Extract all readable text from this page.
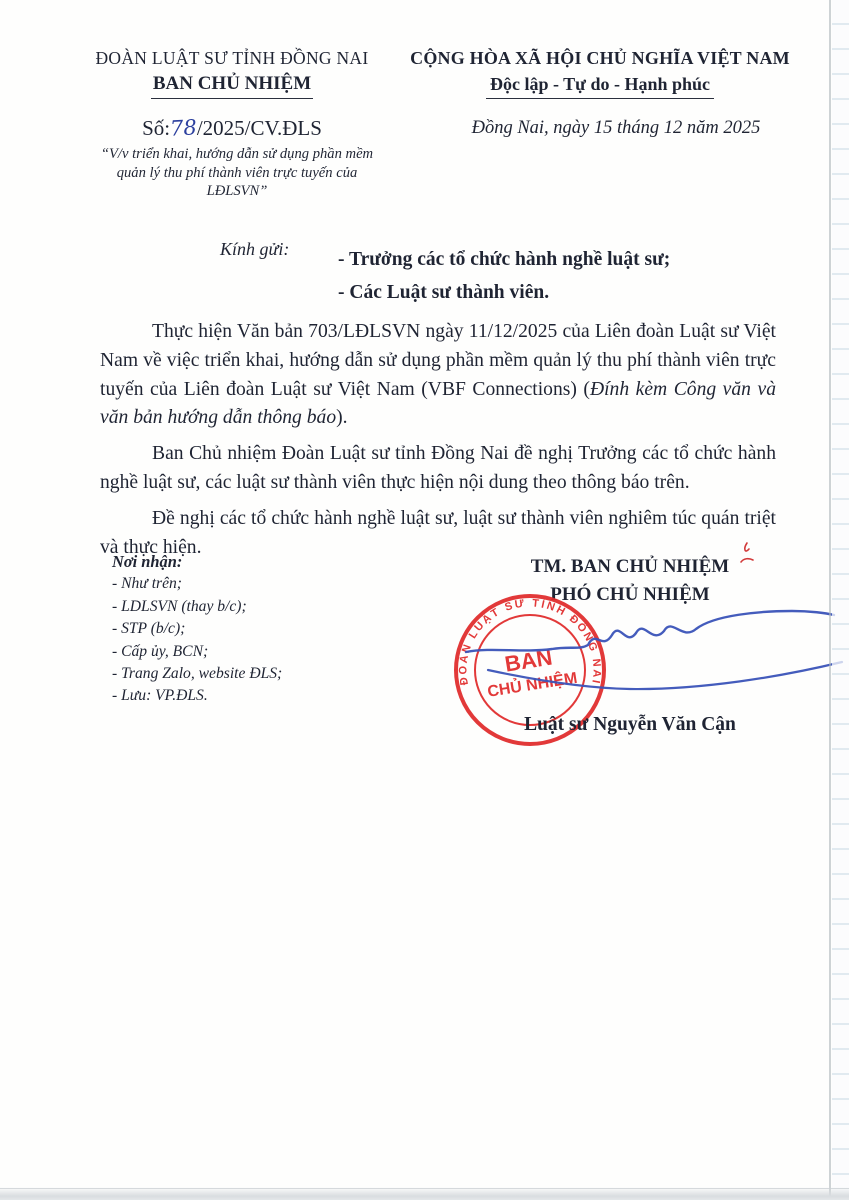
ĐOÀN LUẬT SƯ TỈNH ĐỒNG NAI
BAN CHỦ NHIỆM
Số:78/2025/CV.ĐLS
“V/v triển khai, hướng dẫn sử dụng phần mềm quản lý thu phí thành viên trực tuyến của LĐLSVN”
CỘNG HÒA XÃ HỘI CHỦ NGHĨA VIỆT NAM
Độc lập - Tự do - Hạnh phúc
Đồng Nai, ngày 15 tháng 12 năm 2025
Kính gửi: - Trưởng các tổ chức hành nghề luật sư;
- Các Luật sư thành viên.

Thực hiện Văn bản 703/LĐLSVN ngày 11/12/2025 của Liên đoàn Luật sư Việt Nam về việc triển khai, hướng dẫn sử dụng phần mềm quản lý thu phí thành viên trực tuyến của Liên đoàn Luật sư Việt Nam (VBF Connections) (Đính kèm Công văn và văn bản hướng dẫn thông báo).

Ban Chủ nhiệm Đoàn Luật sư tỉnh Đồng Nai đề nghị Trưởng các tổ chức hành nghề luật sư, các luật sư thành viên thực hiện nội dung theo thông báo trên.

Đề nghị các tổ chức hành nghề luật sư, luật sư thành viên nghiêm túc quán triệt và thực hiện.

Nơi nhận:
- Như trên;
- LDLSVN (thay b/c);
- STP (b/c);
- Cấp ủy, BCN;
- Trang Zalo, website ĐLS;
- Lưu: VP.ĐLS.
TM. BAN CHỦ NHIỆM
PHÓ CHỦ NHIỆM
ĐOÀN LUẬT SƯ TỈNH ĐỒNG NAI
BAN
CHỦ NHIỆM
Luật sư Nguyễn Văn Cận
